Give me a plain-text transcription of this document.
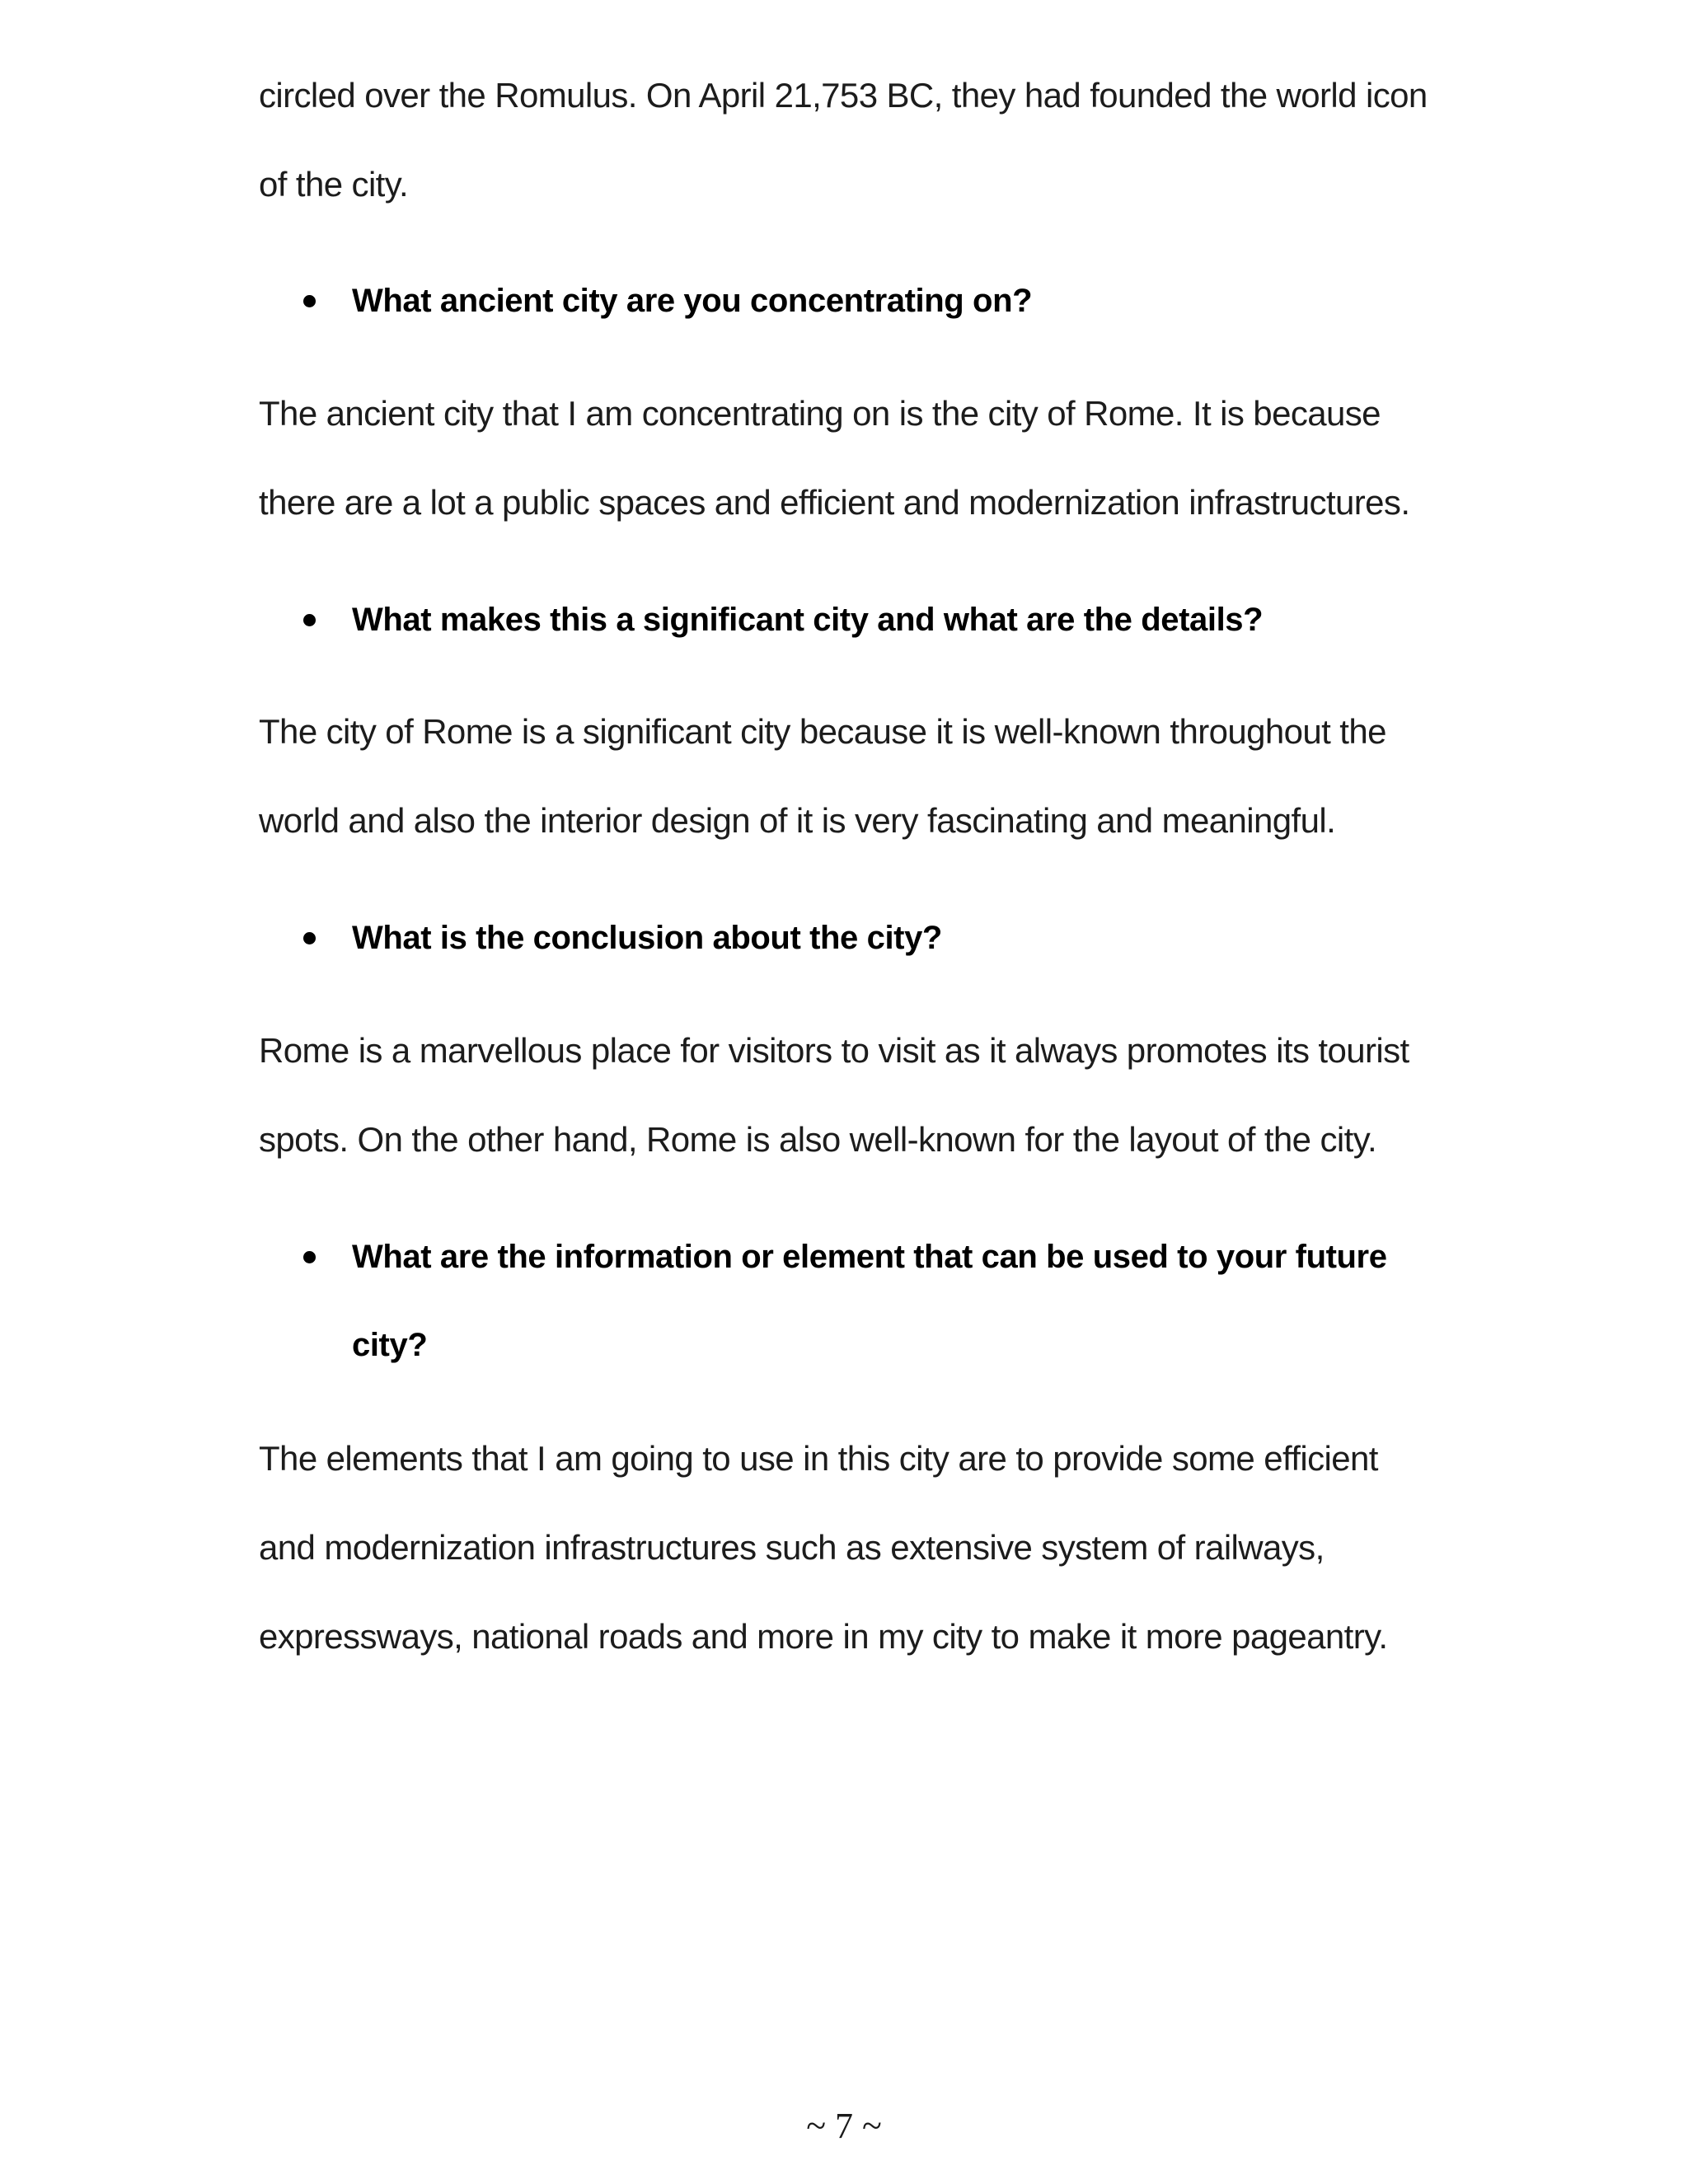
circled over the Romulus. On April 21,753 BC, they had founded the world icon
of the city.
What ancient city are you concentrating on?
The ancient city that I am concentrating on is the city of Rome. It is because
there are a lot a public spaces and efficient and modernization infrastructures.
What makes this a significant city and what are the details?
The city of Rome is a significant city because it is well-known throughout the
world and also the interior design of it is very fascinating and meaningful.
What is the conclusion about the city?
Rome is a marvellous place for visitors to visit as it always promotes its tourist
spots. On the other hand, Rome is also well-known for the layout of the city.
What are the information or element that can be used to your future
city?
The elements that I am going to use in this city are to provide some efficient
and modernization infrastructures such as extensive system of railways,
expressways, national roads and more in my city to make it more pageantry.
~ 7 ~
